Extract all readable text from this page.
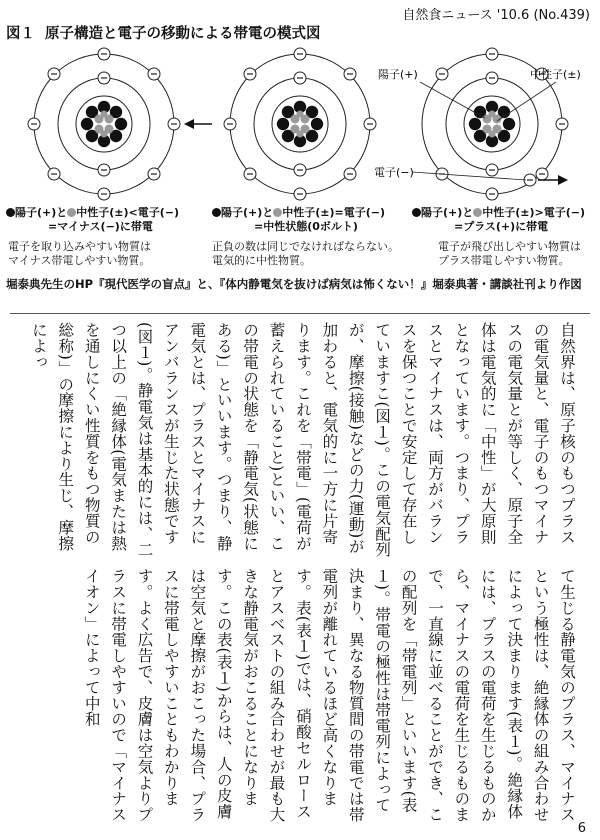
自然食ニュース '10.6 (No.439)
図１ 原子構造と電子の移動による帯電の模式図
陽子(+)	中性子(±)
電子(−)
陽子(+)と 中性子(±)<電子(−)
=マイナス(−)に帯電
陽子(+)と 中性子(±)=電子(−)
=中性状態(0ボルト)
陽子(+)と 中性子(±)>電子(−)
=プラス(+)に帯電
電子を取り込みやすい物質は
マイナス帯電しやすい物質。
正負の数は同じでなければならない。
電気的に中性物質。
電子が飛び出しやすい物質は
プラス帯電しやすい物質。
堀泰典先生のHP『現代医学の盲点』と、『体内静電気を抜けば病気は怖くない！』堀泰典著・講談社刊より作図
自然界は、原子核のもつプラスの電気量と、電子のもつマイナスの電気量とが等しく、原子全体は電気的に「中性」が大原則となっています。つまり、プラスとマイナスは、両方がバランスを保つことで安定して存在していますこ(図１)。この電気配列が、摩擦(接触)などの力(運動)が加わると、電気的に一方に片寄ります。これを「帯電」(電荷が蓄えられていること)といい、この帯電の状態を「静電気(状態にある)」といいます。つまり、静電気とは、プラスとマイナスにアンバランスが生じた状態です(図１)。静電気は基本的には、二つ以上の「絶縁体(電気または熱を通しにくい性質をもつ物質の総称)」の摩擦により生じ、摩擦によっ
て生じる静電気のプラス、マイナスという極性は、絶縁体の組み合わせによって決まります(表１)。絶縁体には、プラスの電荷を生じるものから、マイナスの電荷を生じるものまで、一直線に並べることができ、この配列を「帯電列」といいます(表１)。帯電の極性は帯電列によって決まり、異なる物質間の帯電では帯電列が離れているほど高くなります。表(表１)では、硝酸セルロースとアスベストの組み合わせが最も大きな静電気がおこることになります。この表(表１)からは、人の皮膚は空気と摩擦がおこった場合、プラスに帯電しやすいこともわかります。よく広告で、皮膚は空気よりプラスに帯電しやすいので「マイナスイオン」によって中和
6
